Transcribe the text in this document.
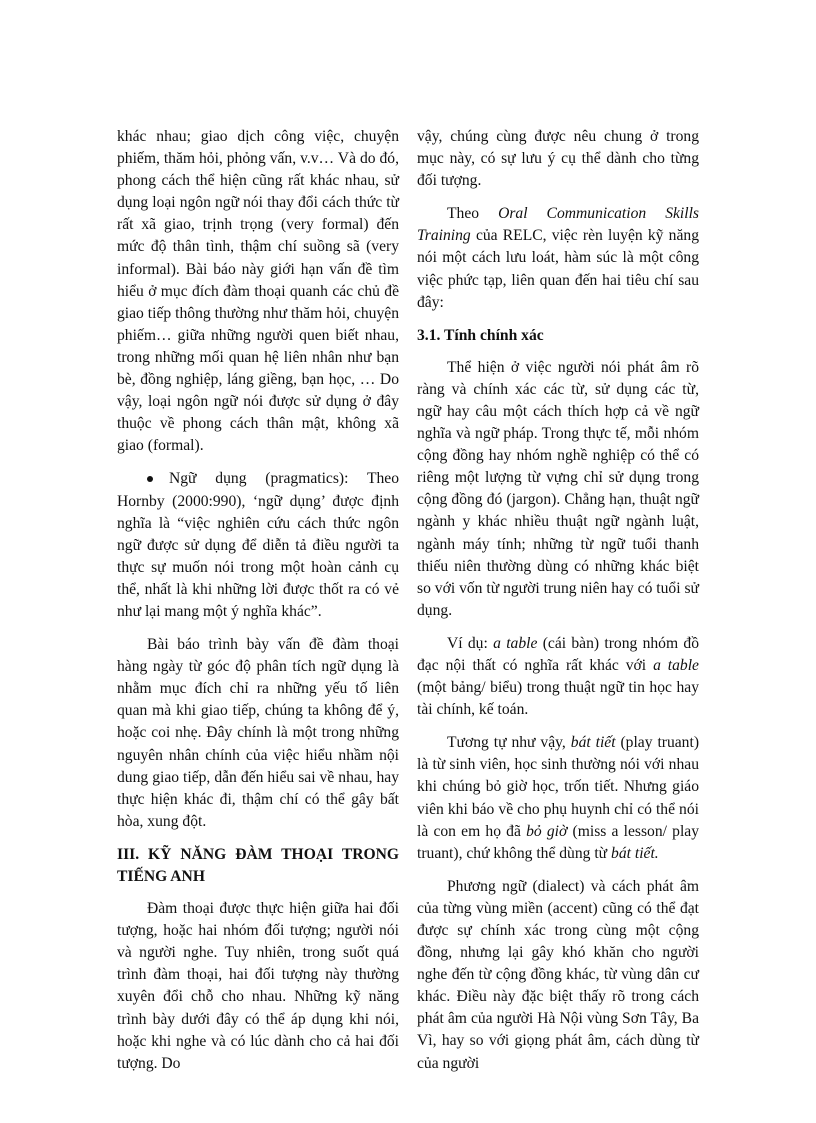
khác nhau; giao dịch công việc, chuyện phiếm, thăm hỏi, phỏng vấn, v.v… Và do đó, phong cách thể hiện cũng rất khác nhau, sử dụng loại ngôn ngữ nói thay đổi cách thức từ rất xã giao, trịnh trọng (very formal) đến mức độ thân tình, thậm chí suồng sã (very informal). Bài báo này giới hạn vấn đề tìm hiểu ở mục đích đàm thoại quanh các chủ đề giao tiếp thông thường như thăm hỏi, chuyện phiếm… giữa những người quen biết nhau, trong những mối quan hệ liên nhân như bạn bè, đồng nghiệp, láng giềng, bạn học, … Do vậy, loại ngôn ngữ nói được sử dụng ở đây thuộc về phong cách thân mật, không xã giao (formal).

Ngữ dụng (pragmatics): Theo Hornby (2000:990), ‘ngữ dụng’ được định nghĩa là “việc nghiên cứu cách thức ngôn ngữ được sử dụng để diễn tả điều người ta thực sự muốn nói trong một hoàn cảnh cụ thể, nhất là khi những lời được thốt ra có vẻ như lại mang một ý nghĩa khác”.

Bài báo trình bày vấn đề đàm thoại hàng ngày từ góc độ phân tích ngữ dụng là nhằm mục đích chỉ ra những yếu tố liên quan mà khi giao tiếp, chúng ta không để ý, hoặc coi nhẹ. Đây chính là một trong những nguyên nhân chính của việc hiểu nhầm nội dung giao tiếp, dẫn đến hiểu sai về nhau, hay thực hiện khác đi, thậm chí có thể gây bất hòa, xung đột.

III. KỸ NĂNG ĐÀM THOẠI TRONG TIẾNG ANH

Đàm thoại được thực hiện giữa hai đối tượng, hoặc hai nhóm đối tượng; người nói và người nghe. Tuy nhiên, trong suốt quá trình đàm thoại, hai đối tượng này thường xuyên đổi chỗ cho nhau. Những kỹ năng trình bày dưới đây có thể áp dụng khi nói, hoặc khi nghe và có lúc dành cho cả hai đối tượng. Do

vậy, chúng cùng được nêu chung ở trong mục này, có sự lưu ý cụ thể dành cho từng đối tượng.

Theo Oral Communication Skills Training của RELC, việc rèn luyện kỹ năng nói một cách lưu loát, hàm súc là một công việc phức tạp, liên quan đến hai tiêu chí sau đây:

3.1. Tính chính xác

Thể hiện ở việc người nói phát âm rõ ràng và chính xác các từ, sử dụng các từ, ngữ hay câu một cách thích hợp cả về ngữ nghĩa và ngữ pháp. Trong thực tế, mỗi nhóm cộng đồng hay nhóm nghề nghiệp có thể có riêng một lượng từ vựng chỉ sử dụng trong cộng đồng đó (jargon). Chẳng hạn, thuật ngữ ngành y khác nhiều thuật ngữ ngành luật, ngành máy tính; những từ ngữ tuổi thanh thiếu niên thường dùng có những khác biệt so với vốn từ người trung niên hay có tuổi sử dụng.

Ví dụ: a table (cái bàn) trong nhóm đồ đạc nội thất có nghĩa rất khác với a table (một bảng/ biểu) trong thuật ngữ tin học hay tài chính, kế toán.

Tương tự như vậy, bát tiết (play truant) là từ sinh viên, học sinh thường nói với nhau khi chúng bỏ giờ học, trốn tiết. Nhưng giáo viên khi báo về cho phụ huynh chỉ có thể nói là con em họ đã bỏ giờ (miss a lesson/ play truant), chứ không thể dùng từ bát tiết.

Phương ngữ (dialect) và cách phát âm của từng vùng miền (accent) cũng có thể đạt được sự chính xác trong cùng một cộng đồng, nhưng lại gây khó khăn cho người nghe đến từ cộng đồng khác, từ vùng dân cư khác. Điều này đặc biệt thấy rõ trong cách phát âm của người Hà Nội vùng Sơn Tây, Ba Vì, hay so với giọng phát âm, cách dùng từ của người
